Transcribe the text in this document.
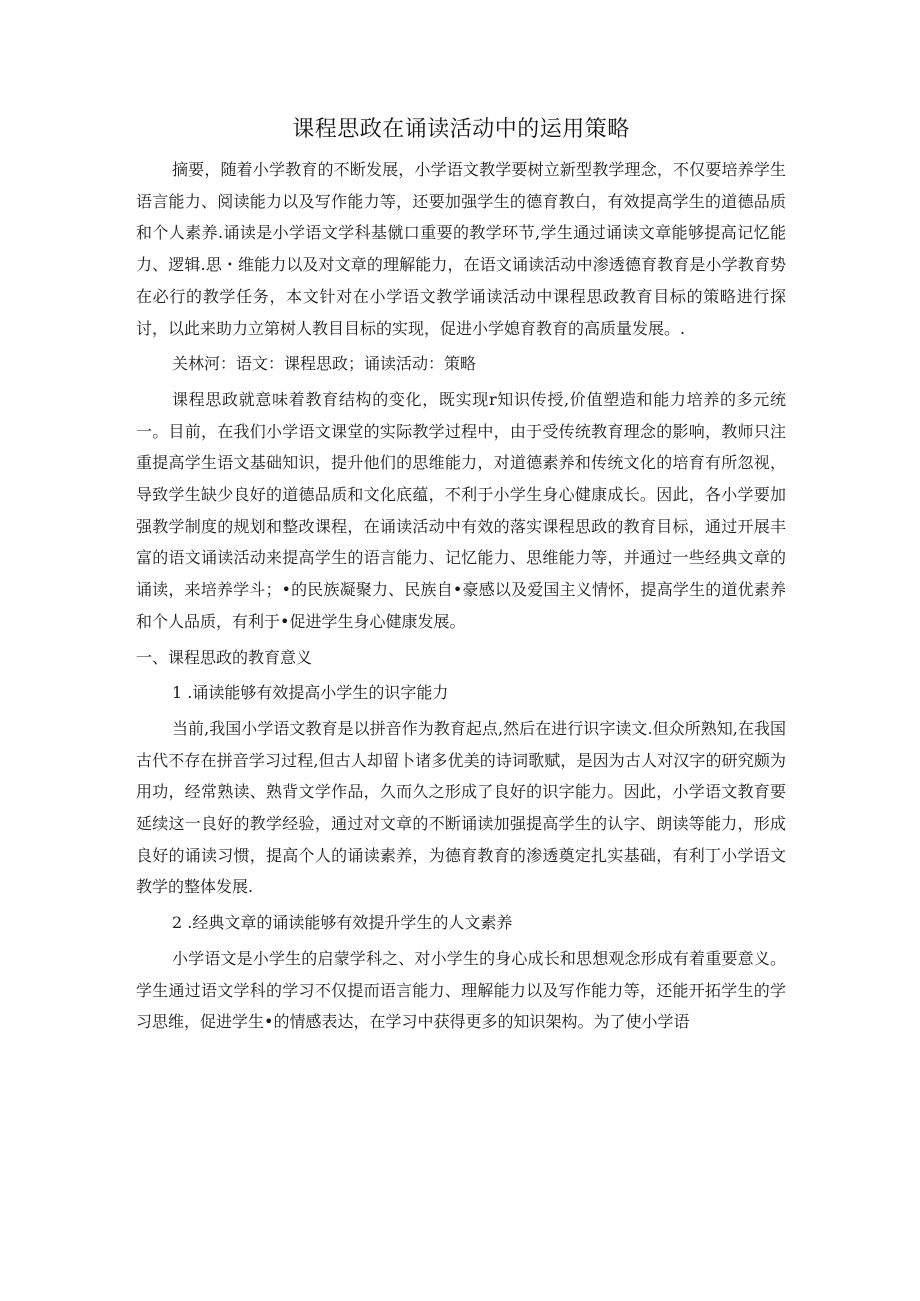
课程思政在诵读活动中的运用策略

摘要，随着小学教育的不断发展，小学语文教学要树立新型教学理念，不仅要培养学生语言能力、阅读能力以及写作能力等，还要加强学生的德育教白，有效提高学生的道德品质和个人素养.诵读是小学语文学科基僦口重要的教学环节,学生通过诵读文章能够提高记忆能力、逻辑.思・维能力以及对文章的理解能力，在语文诵读活动中渗透德育教育是小学教育势在必行的教学任务，本文针对在小学语文教学诵读活动中课程思政教育目标的策略进行探讨，以此来助力立第树人教目目标的实现，促进小学媳育教育的高质量发展。.

关林河：语文：课程思政；诵读活动：策略

课程思政就意味着教育结构的变化，既实现r知识传授,价值塑造和能力培养的多元统一。目前，在我们小学语文课堂的实际教学过程中，由于受传统教育理念的影响，教师只注重提高学生语文基础知识，提升他们的思维能力，对道德素养和传统文化的培育有所忽视，导致学生缺少良好的道德品质和文化底蕴，不利于小学生身心健康成长。因此，各小学要加强教学制度的规划和整改课程，在诵读活动中有效的落实课程思政的教育目标，通过开展丰富的语文诵读活动来提高学生的语言能力、记忆能力、思维能力等，并通过一些经典文章的诵读，来培养学斗；•的民族凝聚力、民族自•豪感以及爱国主义情怀，提高学生的道优素养和个人品质，有利于•促进学生身心健康发展。

一、课程思政的教育意义

1 .诵读能够有效提高小学生的识字能力

当前,我国小学语文教育是以拼音作为教育起点,然后在进行识字读文.但众所熟知,在我国古代不存在拼音学习过程,但古人却留卜诸多优美的诗词歌赋，是因为古人对汉字的研究颇为用功，经常熟读、熟背文学作品，久而久之形成了良好的识字能力。因此，小学语文教育要延续这一良好的教学经验，通过对文章的不断诵读加强提高学生的认字、朗读等能力，形成良好的诵读习惯，提高个人的诵读素养，为德育教育的渗透奠定扎实基础，有利丁小学语文教学的整体发展.

2 .经典文章的诵读能够有效提升学生的人文素养

小学语文是小学生的启蒙学科之、对小学生的身心成长和思想观念形成有着重要意义。学生通过语文学科的学习不仅提而语言能力、理解能力以及写作能力等，还能开拓学生的学习思维，促进学生•的情感表达，在学习中获得更多的知识架构。为了使小学语
